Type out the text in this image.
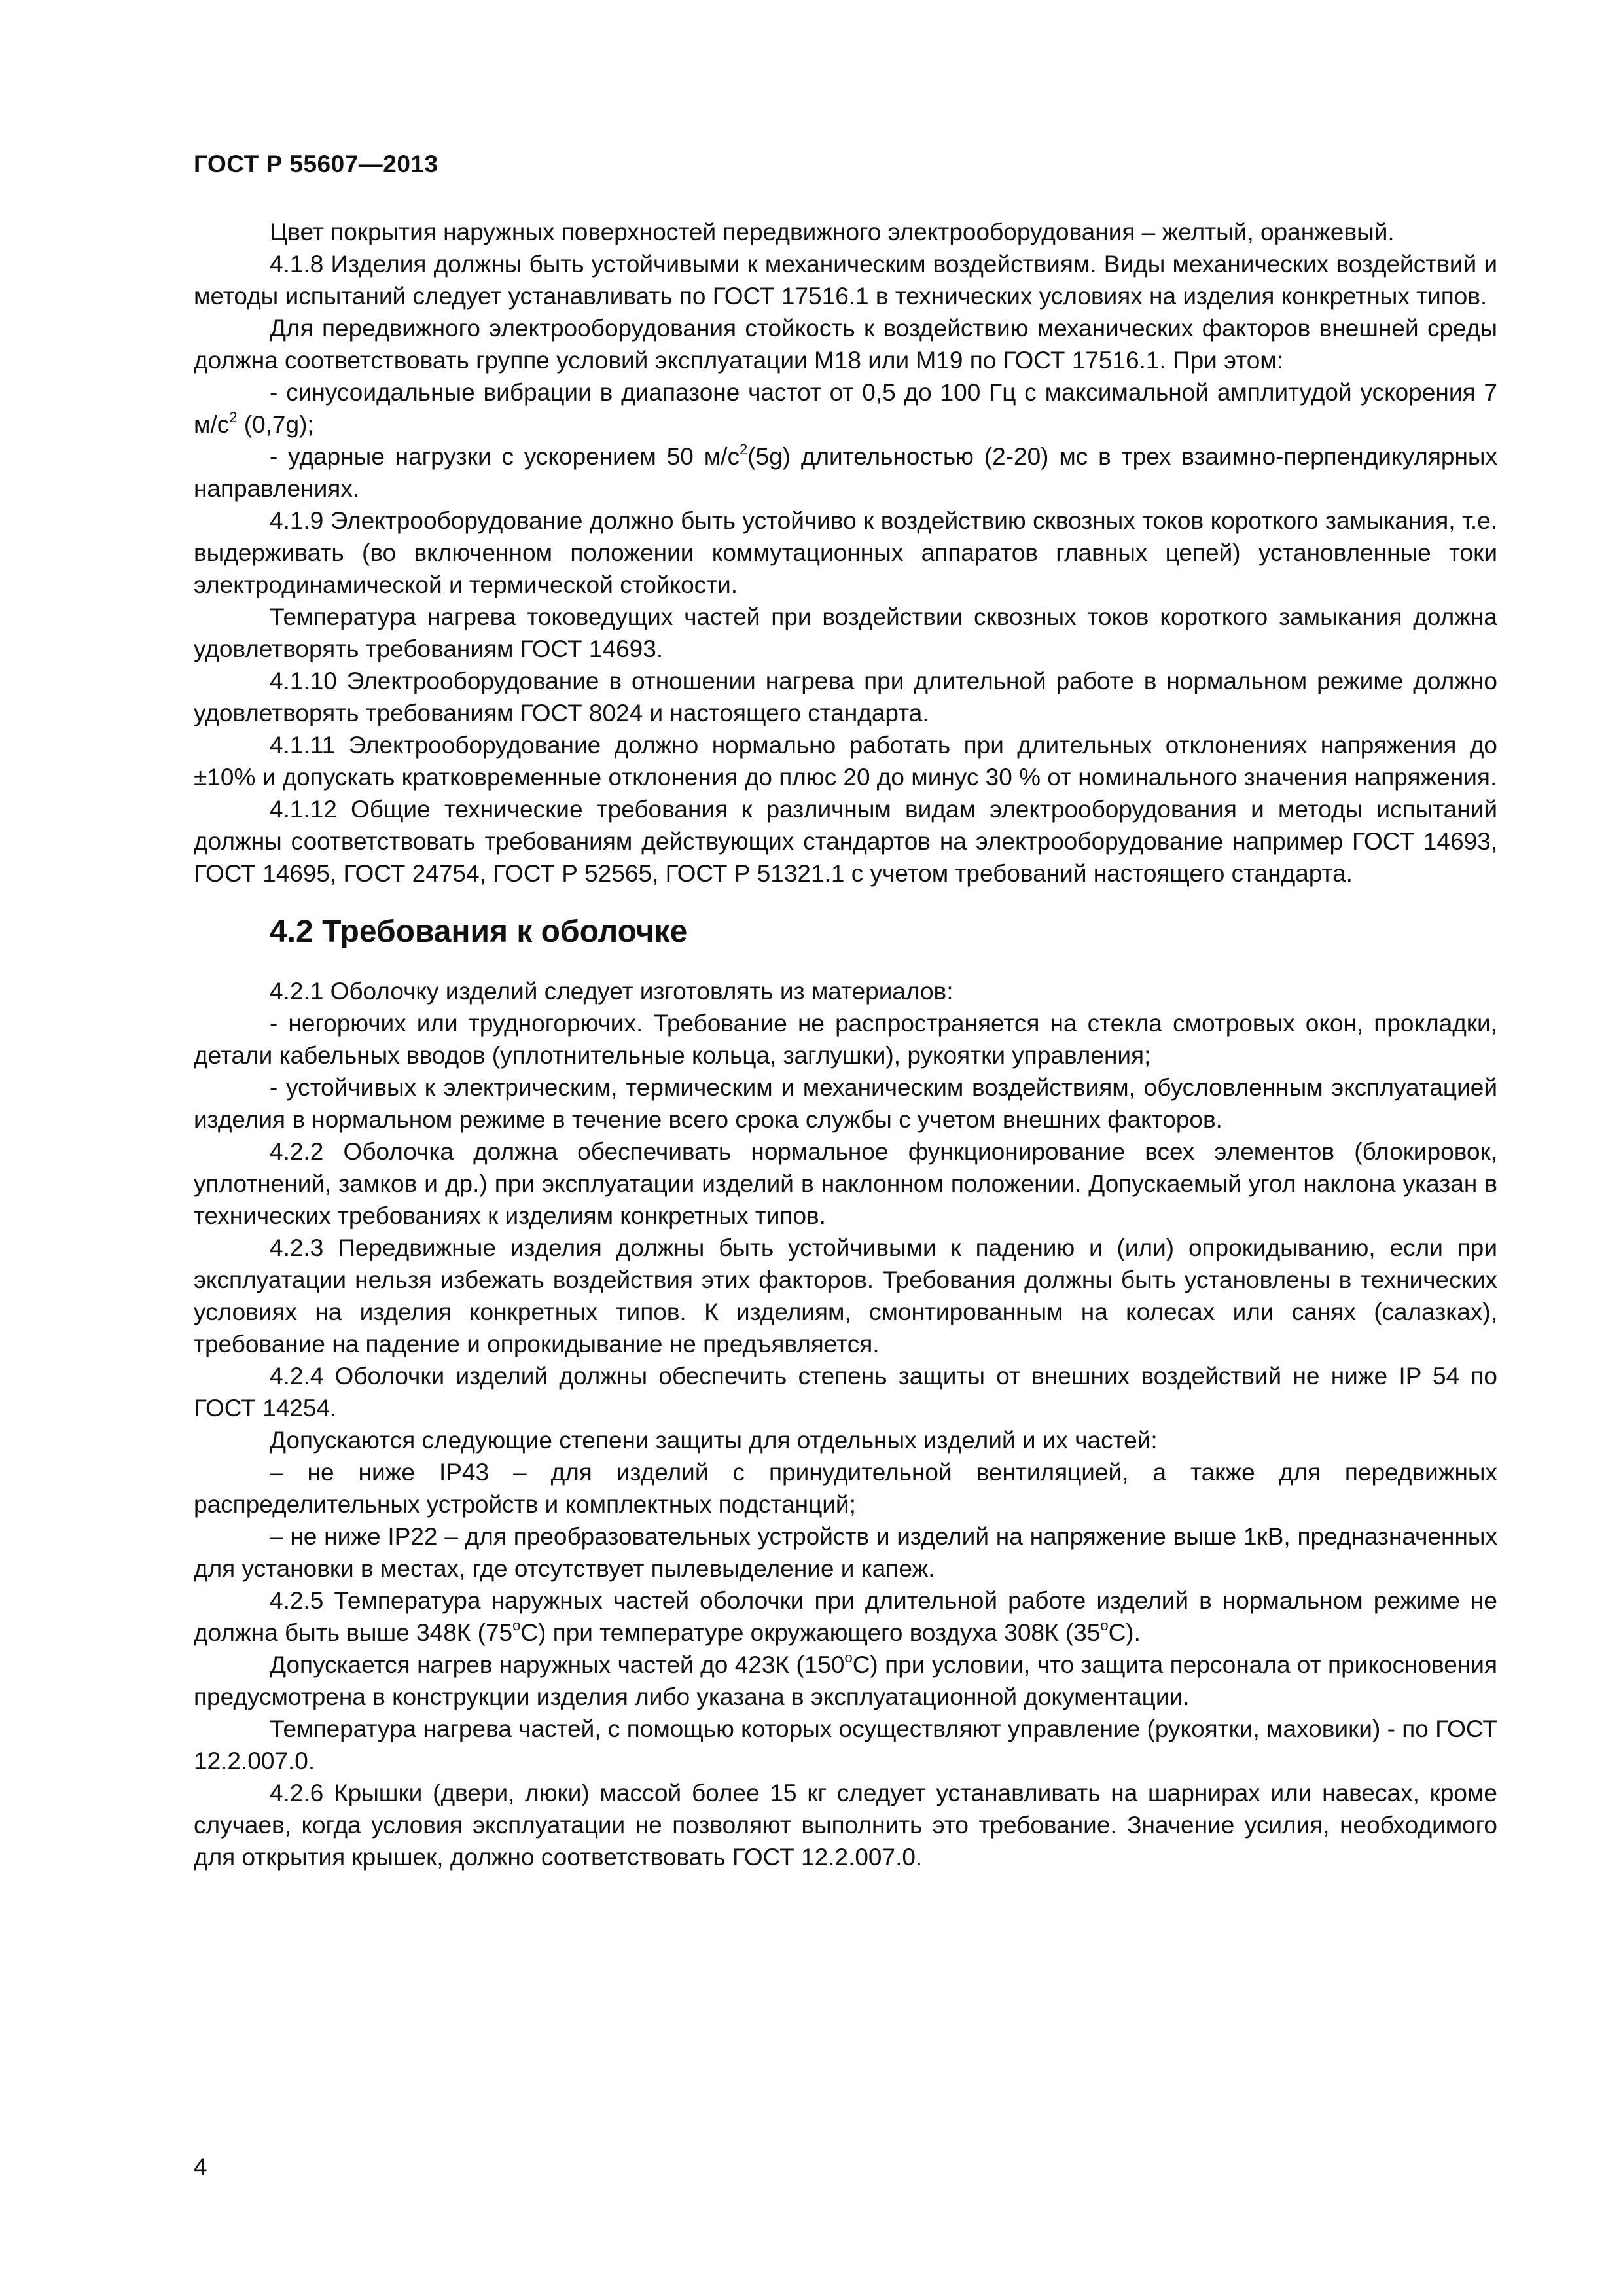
ГОСТ Р 55607—2013

Цвет покрытия наружных поверхностей передвижного электрооборудования – желтый, оранжевый.

4.1.8 Изделия должны быть устойчивыми к механическим воздействиям. Виды механических воздействий и методы испытаний следует устанавливать по ГОСТ 17516.1 в технических условиях на изделия конкретных типов.

Для передвижного электрооборудования стойкость к воздействию механических факторов внешней среды должна соответствовать группе условий эксплуатации М18 или М19 по ГОСТ 17516.1. При этом:

- синусоидальные вибрации в диапазоне частот от 0,5 до 100 Гц с максимальной амплитудой ускорения 7 $м/с^2$ (0,7g);

- ударные нагрузки с ускорением 50 $м/с^2(5g)$ длительностью (2-20) мс в трех взаимно-перпендикулярных направлениях.

4.1.9 Электрооборудование должно быть устойчиво к воздействию сквозных токов короткого замыкания, т.е. выдерживать (во включенном положении коммутационных аппаратов главных цепей) установленные токи электродинамической и термической стойкости.

Температура нагрева токоведущих частей при воздействии сквозных токов короткого замыкания должна удовлетворять требованиям ГОСТ 14693.

4.1.10 Электрооборудование в отношении нагрева при длительной работе в нормальном режиме должно удовлетворять требованиям ГОСТ 8024 и настоящего стандарта.

4.1.11 Электрооборудование должно нормально работать при длительных отклонениях напряжения до ±10% и допускать кратковременные отклонения до плюс 20 до минус 30 % от номинального значения напряжения.

4.1.12 Общие технические требования к различным видам электрооборудования и методы испытаний должны соответствовать требованиям действующих стандартов на электрооборудование например ГОСТ 14693, ГОСТ 14695, ГОСТ 24754, ГОСТ Р 52565, ГОСТ Р 51321.1 с учетом требований настоящего стандарта.

4.2 Требования к оболочке

4.2.1 Оболочку изделий следует изготовлять из материалов:

- негорючих или трудногорючих. Требование не распространяется на стекла смотровых окон, прокладки, детали кабельных вводов (уплотнительные кольца, заглушки), рукоятки управления;

- устойчивых к электрическим, термическим и механическим воздействиям, обусловленным эксплуатацией изделия в нормальном режиме в течение всего срока службы с учетом внешних факторов.

4.2.2 Оболочка должна обеспечивать нормальное функционирование всех элементов (блокировок, уплотнений, замков и др.) при эксплуатации изделий в наклонном положении. Допускаемый угол наклона указан в технических требованиях к изделиям конкретных типов.

4.2.3 Передвижные изделия должны быть устойчивыми к падению и (или) опрокидыванию, если при эксплуатации нельзя избежать воздействия этих факторов. Требования должны быть установлены в технических условиях на изделия конкретных типов. К изделиям, смонтированным на колесах или санях (салазках), требование на падение и опрокидывание не предъявляется.

4.2.4 Оболочки изделий должны обеспечить степень защиты от внешних воздействий не ниже IP 54 по ГОСТ 14254.

Допускаются следующие степени защиты для отдельных изделий и их частей:

– не ниже IP43 – для изделий с принудительной вентиляцией, а также для передвижных распределительных устройств и комплектных подстанций;

– не ниже IP22 – для преобразовательных устройств и изделий на напряжение выше 1кВ, предназначенных для установки в местах, где отсутствует пылевыделение и капеж.

4.2.5 Температура наружных частей оболочки при длительной работе изделий в нормальном режиме не должна быть выше 348К $(75^оС)$ при температуре окружающего воздуха 308К $(35^оС)$.

Допускается нагрев наружных частей до 423К $(150^оС)$ при условии, что защита персонала от прикосновения предусмотрена в конструкции изделия либо указана в эксплуатационной документации.

Температура нагрева частей, с помощью которых осуществляют управление (рукоятки, маховики) - по ГОСТ 12.2.007.0.

4.2.6 Крышки (двери, люки) массой более 15 кг следует устанавливать на шарнирах или навесах, кроме случаев, когда условия эксплуатации не позволяют выполнить это требование. Значение усилия, необходимого для открытия крышек, должно соответствовать ГОСТ 12.2.007.0.

4
